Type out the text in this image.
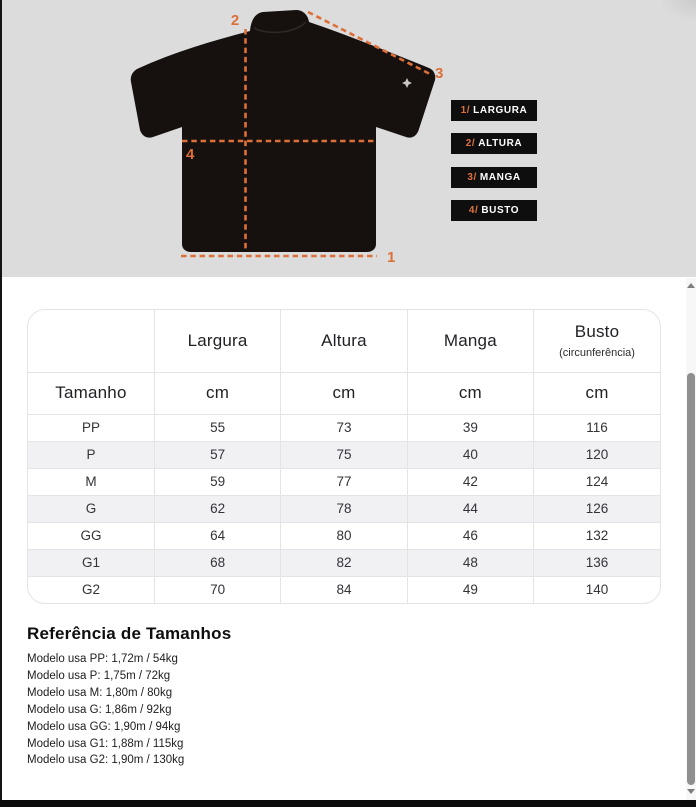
2
3
4
1
1/ LARGURA
2/ ALTURA
3/ MANGA
4/ BUSTO
	Largura	Altura	Manga	Busto
(circunferência)

Tamanho	cm	cm	cm	cm
PP	55	73	39	116
P	57	75	40	120
M	59	77	42	124
G	62	78	44	126
GG	64	80	46	132
G1	68	82	48	136
G2	70	84	49	140
Referência de Tamanhos

Modelo usa PP: 1,72m / 54kg

Modelo usa P: 1,75m / 72kg

Modelo usa M: 1,80m / 80kg

Modelo usa G: 1,86m / 92kg

Modelo usa GG: 1,90m / 94kg

Modelo usa G1: 1,88m / 115kg

Modelo usa G2: 1,90m / 130kg
